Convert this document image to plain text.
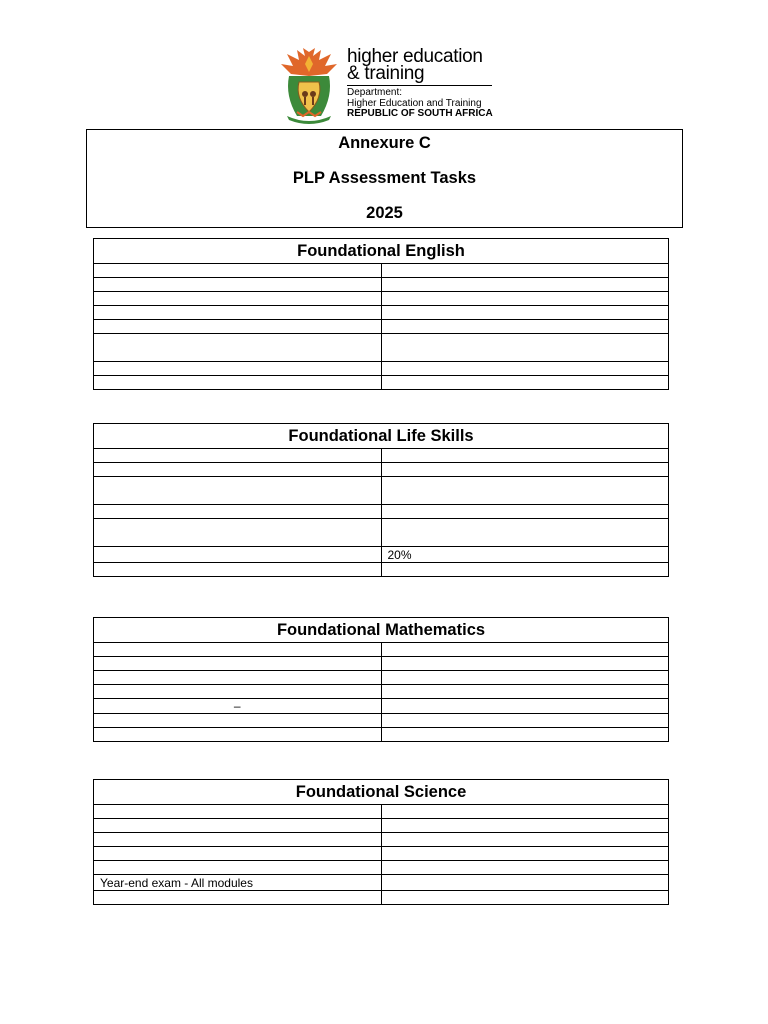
higher education
& training
Department:
Higher Education and Training
REPUBLIC OF SOUTH AFRICA
Annexure C
PLP Assessment Tasks
2025
Foundational English	

Foundational Life Skills	

	20%

Foundational Mathematics	

–	

Foundational Science	

Year-end exam - All modules	
